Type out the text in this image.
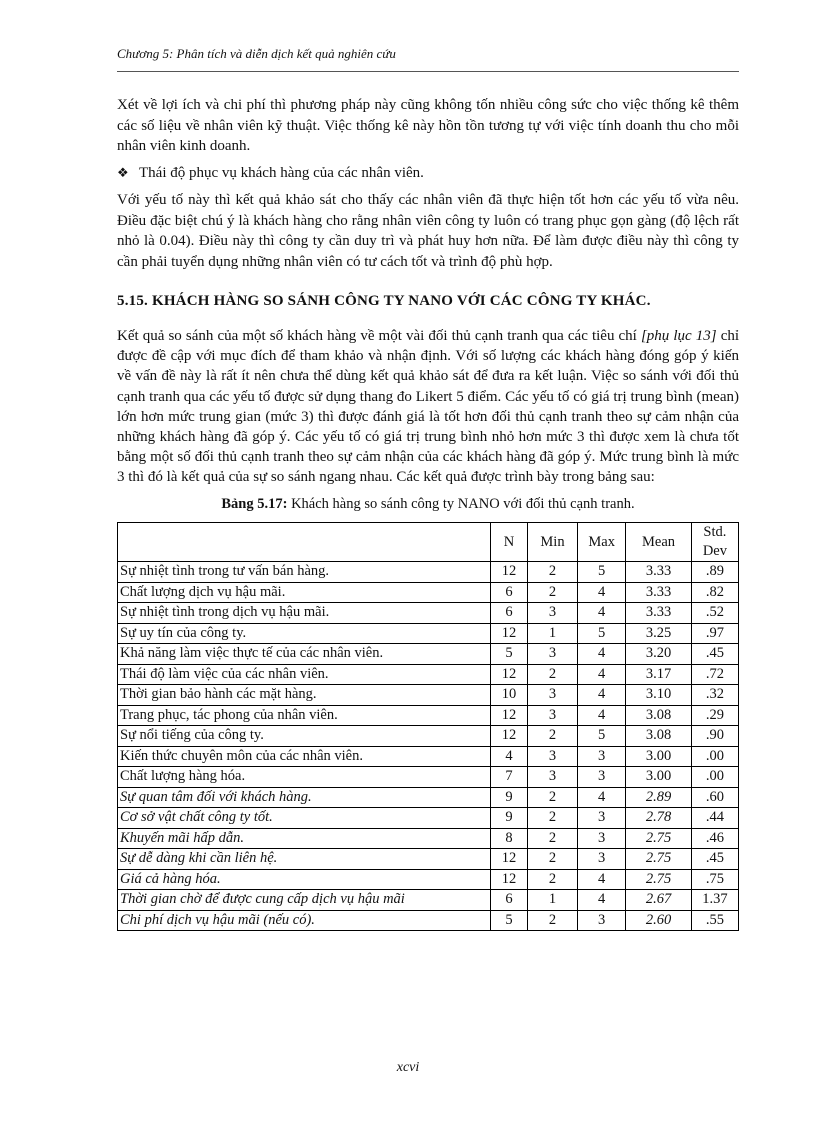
Chương 5: Phân tích và diễn dịch kết quả nghiên cứu

Xét về lợi ích và chi phí thì phương pháp này cũng không tốn nhiều công sức cho việc thống kê thêm các số liệu về nhân viên kỹ thuật. Việc thống kê này hồn tồn tương tự với việc tính doanh thu cho mỗi nhân viên kinh doanh.

❖ Thái độ phục vụ khách hàng của các nhân viên.

Với yếu tố này thì kết quả khảo sát cho thấy các nhân viên đã thực hiện tốt hơn các yếu tố vừa nêu. Điều đặc biệt chú ý là khách hàng cho rằng nhân viên công ty luôn có trang phục gọn gàng (độ lệch rất nhỏ là 0.04). Điều này thì công ty cần duy trì và phát huy hơn nữa. Để làm được điều này thì công ty cần phải tuyển dụng những nhân viên có tư cách tốt và trình độ phù hợp.

5.15. KHÁCH HÀNG SO SÁNH CÔNG TY NANO VỚI CÁC CÔNG TY KHÁC.

Kết quả so sánh của một số khách hàng về một vài đối thủ cạnh tranh qua các tiêu chí [phụ lục 13] chỉ được đề cập với mục đích để tham khảo và nhận định. Với số lượng các khách hàng đóng góp ý kiến về vấn đề này là rất ít nên chưa thể dùng kết quả khảo sát để đưa ra kết luận. Việc so sánh với đối thủ cạnh tranh qua các yếu tố được sử dụng thang đo Likert 5 điểm. Các yếu tố có giá trị trung bình (mean) lớn hơn mức trung gian (mức 3) thì được đánh giá là tốt hơn đối thủ cạnh tranh theo sự cảm nhận của những khách hàng đã góp ý. Các yếu tố có giá trị trung bình nhỏ hơn mức 3 thì được xem là chưa tốt bằng một số đối thủ cạnh tranh theo sự cảm nhận của các khách hàng đã góp ý. Mức trung bình là mức 3 thì đó là kết quả của sự so sánh ngang nhau. Các kết quả được trình bày trong bảng sau:

Bảng 5.17: Khách hàng so sánh công ty NANO với đối thủ cạnh tranh.
	N	Min	Max	Mean	Std. Dev
Sự nhiệt tình trong tư vấn bán hàng.	12	2	5	3.33	.89
Chất lượng dịch vụ hậu mãi.	6	2	4	3.33	.82
Sự nhiệt tình trong dịch vụ hậu mãi.	6	3	4	3.33	.52
Sự uy tín của công ty.	12	1	5	3.25	.97
Khả năng làm việc thực tế của các nhân viên.	5	3	4	3.20	.45
Thái độ làm việc của các nhân viên.	12	2	4	3.17	.72
Thời gian bảo hành các mặt hàng.	10	3	4	3.10	.32
Trang phục, tác phong của nhân viên.	12	3	4	3.08	.29
Sự nổi tiếng của công ty.	12	2	5	3.08	.90
Kiến thức chuyên môn của các nhân viên.	4	3	3	3.00	.00
Chất lượng hàng hóa.	7	3	3	3.00	.00
Sự quan tâm đối với khách hàng.	9	2	4	2.89	.60
Cơ sở vật chất công ty tốt.	9	2	3	2.78	.44
Khuyến mãi hấp dẫn.	8	2	3	2.75	.46
Sự dễ dàng khi cần liên hệ.	12	2	3	2.75	.45
Giá cả hàng hóa.	12	2	4	2.75	.75
Thời gian chờ để được cung cấp dịch vụ hậu mãi	6	1	4	2.67	1.37
Chi phí dịch vụ hậu mãi (nếu có).	5	2	3	2.60	.55
xcvi
